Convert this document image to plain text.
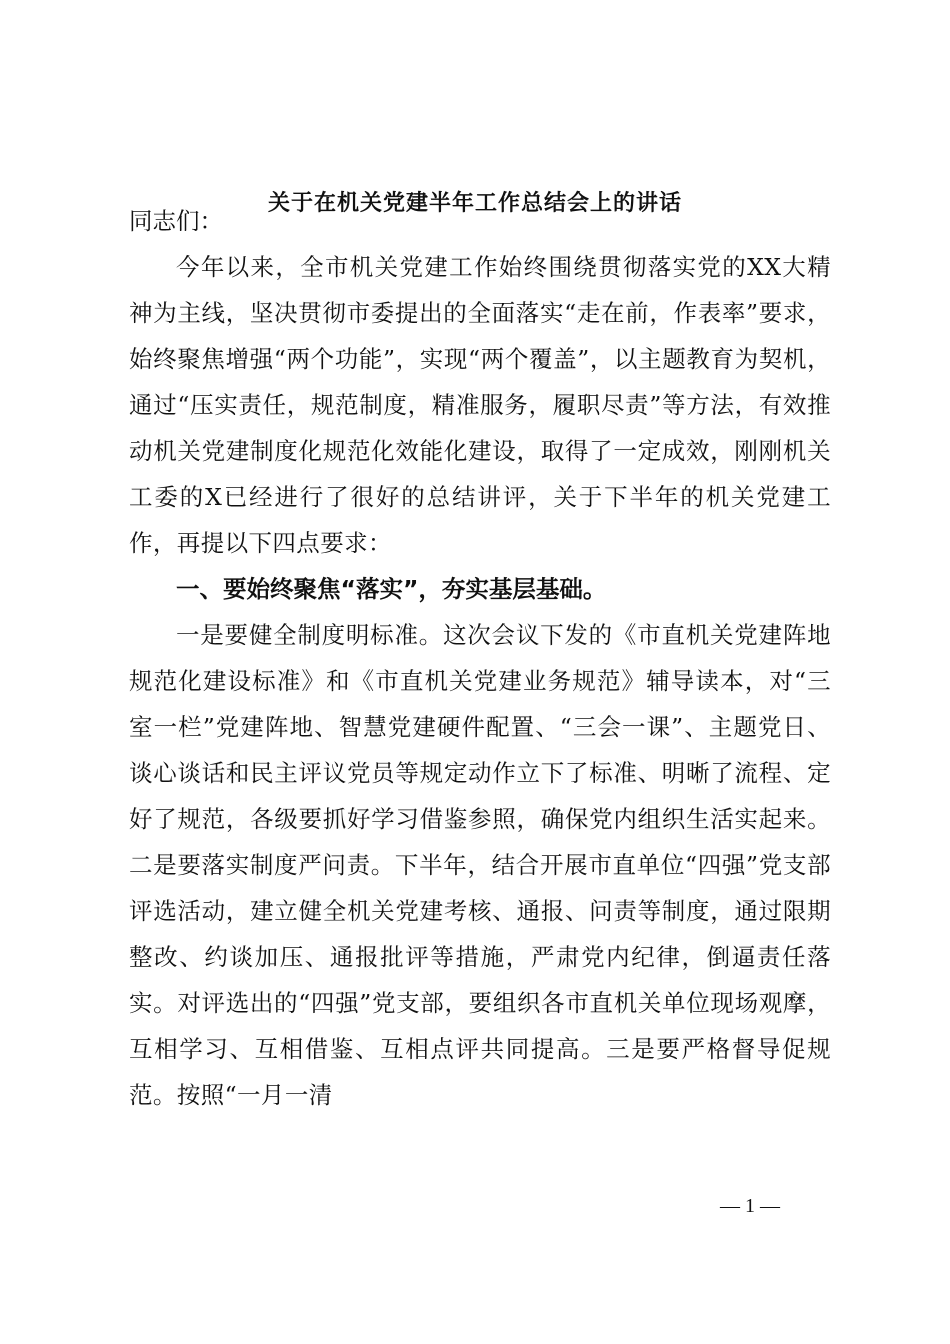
关于在机关党建半年工作总结会上的讲话

同志们：

今年以来，全市机关党建工作始终围绕贯彻落实党的XX大精神为主线，坚决贯彻市委提出的全面落实“走在前，作表率”要求，始终聚焦增强“两个功能”，实现“两个覆盖”，以主题教育为契机，通过“压实责任，规范制度，精准服务，履职尽责”等方法，有效推动机关党建制度化规范化效能化建设，取得了一定成效，刚刚机关工委的X已经进行了很好的总结讲评，关于下半年的机关党建工作，再提以下四点要求：

一、要始终聚焦“落实”，夯实基层基础。

一是要健全制度明标准。这次会议下发的《市直机关党建阵地规范化建设标准》和《市直机关党建业务规范》辅导读本，对“三室一栏”党建阵地、智慧党建硬件配置、“三会一课”、主题党日、谈心谈话和民主评议党员等规定动作立下了标准、明晰了流程、定好了规范，各级要抓好学习借鉴参照，确保党内组织生活实起来。二是要落实制度严问责。下半年，结合开展市直单位“四强”党支部评选活动，建立健全机关党建考核、通报、问责等制度，通过限期整改、约谈加压、通报批评等措施，严肃党内纪律，倒逼责任落实。对评选出的“四强”党支部，要组织各市直机关单位现场观摩，互相学习、互相借鉴、互相点评共同提高。三是要严格督导促规范。按照“一月一清

— 1 —
